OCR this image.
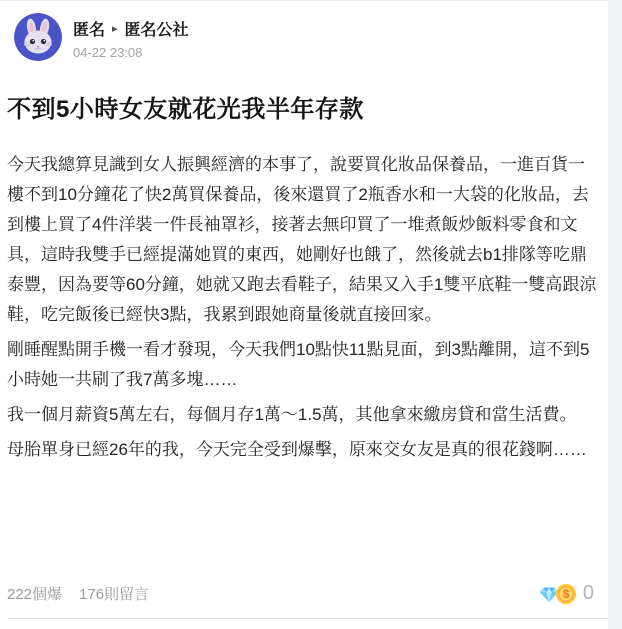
匿名 ▸ 匿名公社
04-22 23:08
不到5小時女友就花光我半年存款

今天我總算見識到女人振興經濟的本事了，說要買化妝品保養品，一進百貨一樓不到10分鐘花了快2萬買保養品，後來還買了2瓶香水和一大袋的化妝品，去到樓上買了4件洋裝一件長袖罩衫，接著去無印買了一堆煮飯炒飯料零食和文具，這時我雙手已經提滿她買的東西，她剛好也餓了，然後就去b1排隊等吃鼎泰豐，因為要等60分鐘，她就又跑去看鞋子，結果又入手1雙平底鞋一雙高跟涼鞋，吃完飯後已經快3點，我累到跟她商量後就直接回家。

剛睡醒點開手機一看才發現，今天我們10點快11點見面，到3點離開，這不到5小時她一共刷了我7萬多塊……

我一個月薪資5萬左右，每個月存1萬～1.5萬，其他拿來繳房貸和當生活費。

母胎單身已經26年的我，今天完全受到爆擊，原來交女友是真的很花錢啊……

222個爆 176則留言	$ 0
